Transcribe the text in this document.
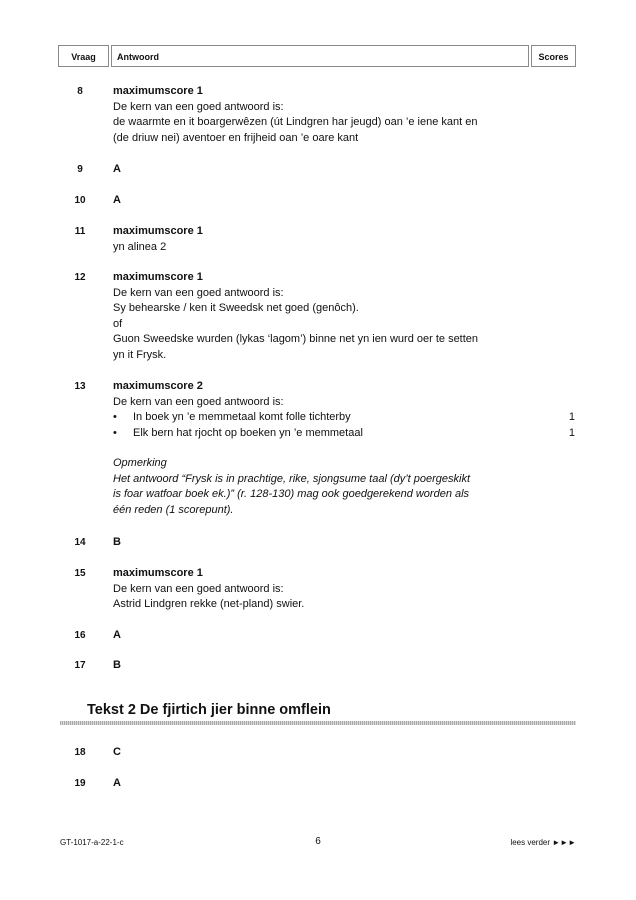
Vraag	Antwoord	Scores
8	maximumscore 1
De kern van een goed antwoord is:
de waarmte en it boargerwêzen (út Lindgren har jeugd) oan ’e iene kant en
(de driuw nei) aventoer en frijheid oan ’e oare kant
9	A
10	A
11	maximumscore 1
yn alinea 2
12	maximumscore 1
De kern van een goed antwoord is:
Sy behearske / ken it Sweedsk net goed (genôch).
of
Guon Sweedske wurden (lykas ‘lagom’) binne net yn ien wurd oer te setten
yn it Frysk.
13	maximumscore 2
De kern van een goed antwoord is:
• In boek yn ’e memmetaal komt folle tichterby	1
• Elk bern hat rjocht op boeken yn ’e memmetaal	1
Opmerking
Het antwoord “Frysk is in prachtige, rike, sjongsume taal (dy’t poergeskikt
is foar watfoar boek ek.)” (r. 128-130) mag ook goedgerekend worden als
één reden (1 scorepunt).
14	B
15	maximumscore 1
De kern van een goed antwoord is:
Astrid Lindgren rekke (net-pland) swier.
16	A
17	B
Tekst 2 De fjirtich jier binne omflein
18	C
19	A
GT-1017-a-22-1-c	6	lees verder ►►►
